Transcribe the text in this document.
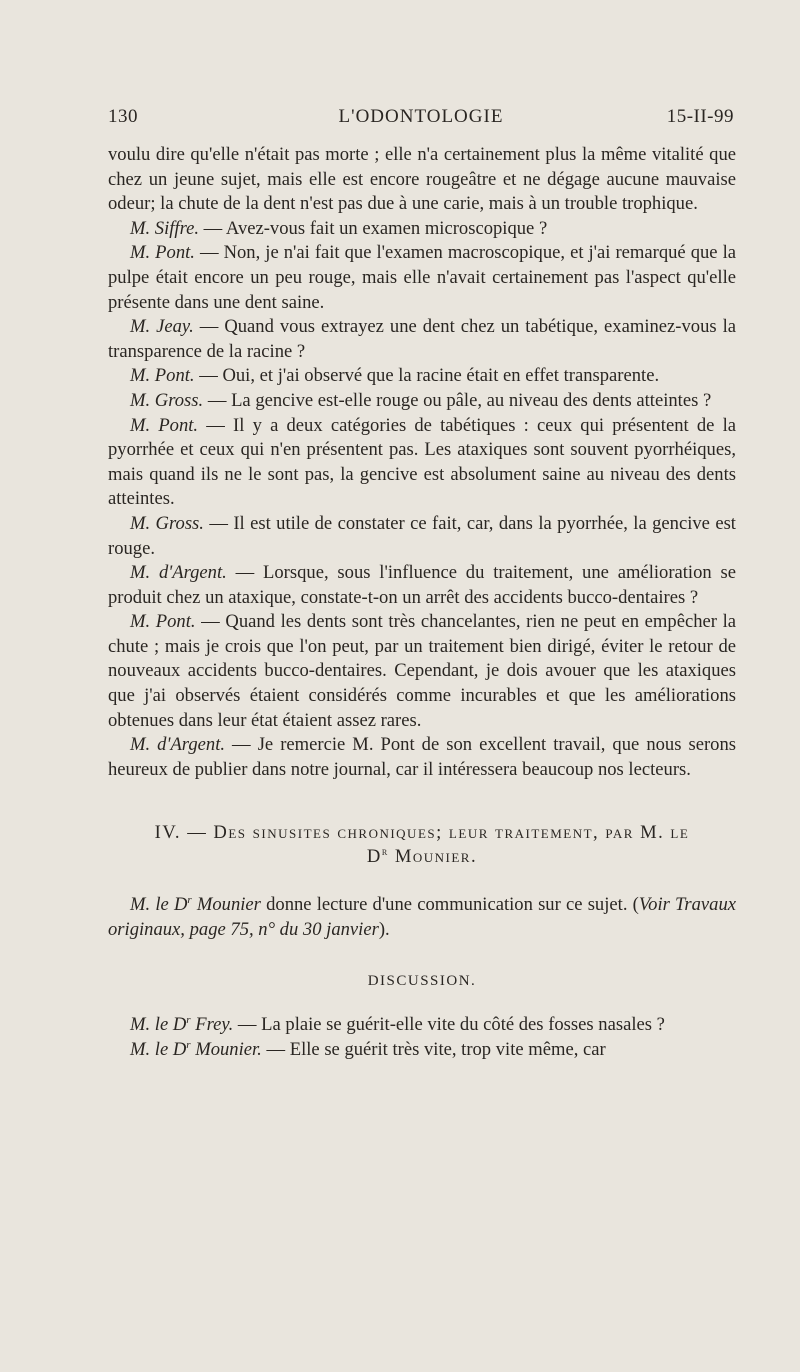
130	L'ODONTOLOGIE	15-II-99

voulu dire qu'elle n'était pas morte ; elle n'a certainement plus la même vitalité que chez un jeune sujet, mais elle est encore rougeâtre et ne dégage aucune mauvaise odeur; la chute de la dent n'est pas due à une carie, mais à un trouble trophique.

M. Siffre. — Avez-vous fait un examen microscopique ?

M. Pont. — Non, je n'ai fait que l'examen macroscopique, et j'ai remarqué que la pulpe était encore un peu rouge, mais elle n'avait certainement pas l'aspect qu'elle présente dans une dent saine.

M. Jeay. — Quand vous extrayez une dent chez un tabétique, examinez-vous la transparence de la racine ?

M. Pont. — Oui, et j'ai observé que la racine était en effet transparente.

M. Gross. — La gencive est-elle rouge ou pâle, au niveau des dents atteintes ?

M. Pont. — Il y a deux catégories de tabétiques : ceux qui présentent de la pyorrhée et ceux qui n'en présentent pas. Les ataxiques sont souvent pyorrhéiques, mais quand ils ne le sont pas, la gencive est absolument saine au niveau des dents atteintes.

M. Gross. — Il est utile de constater ce fait, car, dans la pyorrhée, la gencive est rouge.

M. d'Argent. — Lorsque, sous l'influence du traitement, une amélioration se produit chez un ataxique, constate-t-on un arrêt des accidents bucco-dentaires ?

M. Pont. — Quand les dents sont très chancelantes, rien ne peut en empêcher la chute ; mais je crois que l'on peut, par un traitement bien dirigé, éviter le retour de nouveaux accidents bucco-dentaires. Cependant, je dois avouer que les ataxiques que j'ai observés étaient considérés comme incurables et que les améliorations obtenues dans leur état étaient assez rares.

M. d'Argent. — Je remercie M. Pont de son excellent travail, que nous serons heureux de publier dans notre journal, car il intéressera beaucoup nos lecteurs.

IV. — Des sinusites chroniques; leur traitement, par M. le
$D^r$ Mounier.

M. le $D^r$ Mounier donne lecture d'une communication sur ce sujet. (Voir Travaux originaux, page 75, n° du 30 janvier).

DISCUSSION.

M. le $D^r$ Frey. — La plaie se guérit-elle vite du côté des fosses nasales ?

M. le $D^r$ Mounier. — Elle se guérit très vite, trop vite même, car
